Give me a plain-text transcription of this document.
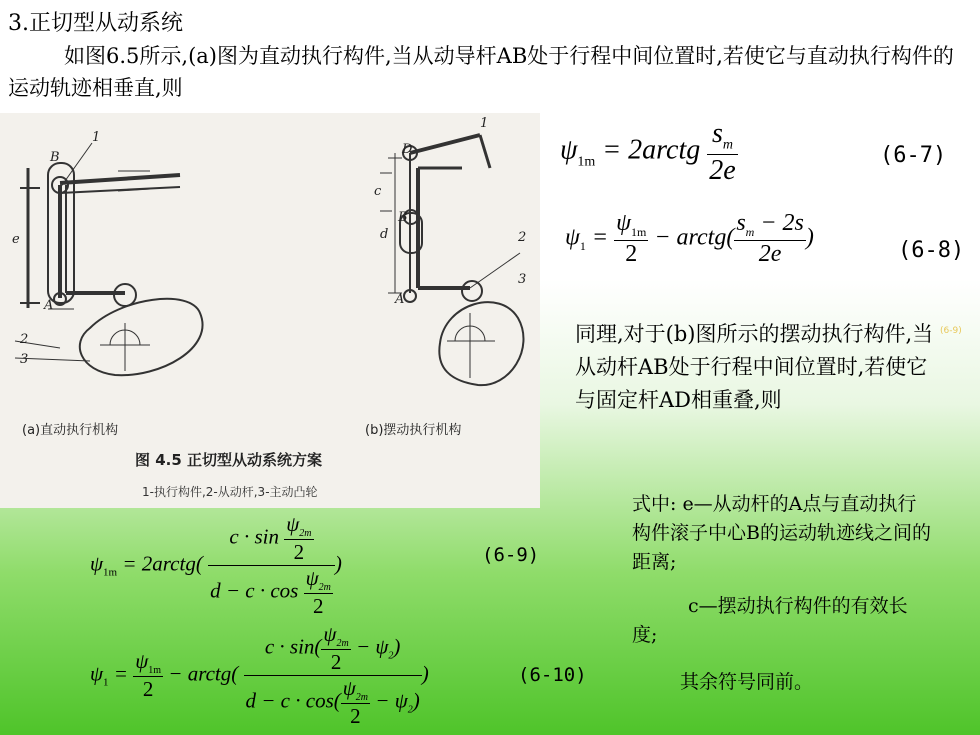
3.正切型从动系统
如图6.5所示,(a)图为直动执行构件,当从动导杆AB处于行程中间位置时,若使它与直动执行构件的运动轨迹相垂直,则
B
1
e
A
2
3
D
1
c
d
B
A
2
3
(a)直动执行机构	(b)摆动执行机构
图 4.5 正切型从动系统方案
1-执行构件,2-从动杆,3-主动凸轮
$\psi_{1m}$ = 2arctg $\frac{s_m}{2e}$	(6-7)
$\psi_1 = \frac{\psi_{1m}}{2}$ − arctg( $\frac{s_m - 2s}{2e}$ )
(6-8)
同理,对于(b)图所示的摆动执行构件,当从动杆AB处于行程中间位置时,若使它与固定杆AD相重叠,则
(6-9)
$\psi_{1m}$ = 2arctg( $\frac{c \cdot \sin \frac{\psi_{2m}}{2}}{d - c \cdot \cos \frac{\psi_{2m}}{2}}$ )	(6-9)
$\psi_1 = \frac{\psi_{1m}}{2}$ − arctg( $\frac{c \cdot \sin( \frac{\psi_{2m}}{2} - \psi_2)}{d - c \cdot \cos( \frac{\psi_{2m}}{2} - \psi_2)}$ )	(6-10)
式中: e—从动杆的A点与直动执行构件滚子中心B的运动轨迹线之间的距离;
c—摆动执行构件的有效长度;
其余符号同前。
